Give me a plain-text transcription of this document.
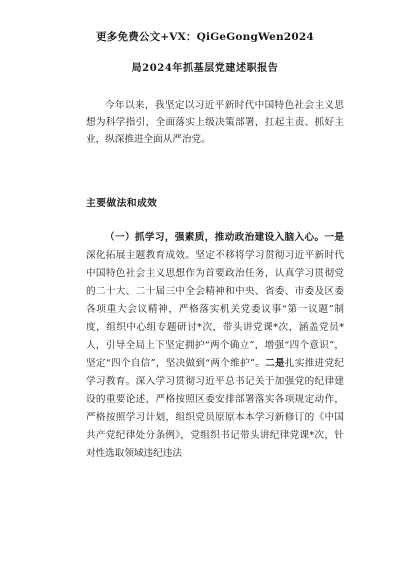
更多免费公文+VX：QiGeGongWen2024
局2024年抓基层党建述职报告

今年以来，我坚定以习近平新时代中国特色社会主义思想为科学指引，全面落实上级决策部署，扛起主责、抓好主业，纵深推进全面从严治党。

主要做法和成效

（一）抓学习，强素质，推动政治建设入脑入心。一是深化拓展主题教育成效。坚定不移将学习贯彻习近平新时代中国特色社会主义思想作为首要政治任务，认真学习贯彻党的二十大、二十届三中全会精神和中央、省委、市委及区委各项重大会议精神，严格落实机关党委议事“第一议题”制度，组织中心组专题研讨*次，带头讲党课*次，涵盖党员*人，引导全局上下坚定拥护“两个确立”，增强“四个意识”，坚定“四个自信”，坚决做到“两个维护”。二是扎实推进党纪学习教育。深入学习贯彻习近平总书记关于加强党的纪律建设的重要论述，严格按照区委安排部署落实各项规定动作，严格按照学习计划，组织党员原原本本学习新修订的《中国共产党纪律处分条例》，党组织书记带头讲纪律党课*次，针对性选取领域违纪违法
